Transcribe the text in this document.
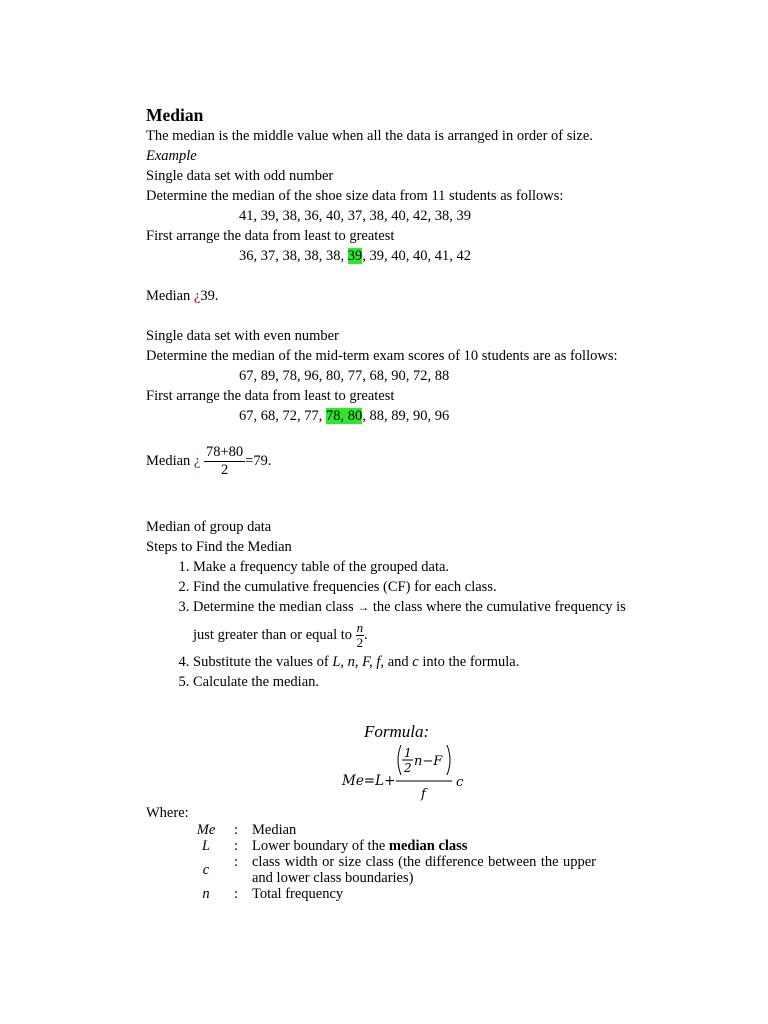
Median

The median is the middle value when all the data is arranged in order of size.

Example

Single data set with odd number

Determine the median of the shoe size data from 11 students as follows:

41, 39, 38, 36, 40, 37, 38, 40, 42, 38, 39

First arrange the data from least to greatest

36, 37, 38, 38, 38, 39, 39, 40, 40, 41, 42

Median ¿39.

Single data set with even number

Determine the median of the mid-term exam scores of 10 students are as follows:

67, 89, 78, 96, 80, 77, 68, 90, 72, 88

First arrange the data from least to greatest

67, 68, 72, 77, 78, 80, 88, 89, 90, 96

Median ¿ $\frac{78+80}{2} =79$.

Median of group data

Steps to Find the Median

1. Make a frequency table of the grouped data.
2. Find the cumulative frequencies (CF) for each class.
3. Determine the median class → the class where the cumulative frequency is
just greater than or equal to $\frac{n}{2}$ .
4. Substitute the values of L, n, F, f, and c into the formula.
5. Calculate the median.
Formula:
Me=L+
1
2 n−F
f
c
Where:
Me	:	Median
L	:	Lower boundary of the median class
c	:	class width or size class (the difference between the upper and lower class boundaries)
n	:	Total frequency
